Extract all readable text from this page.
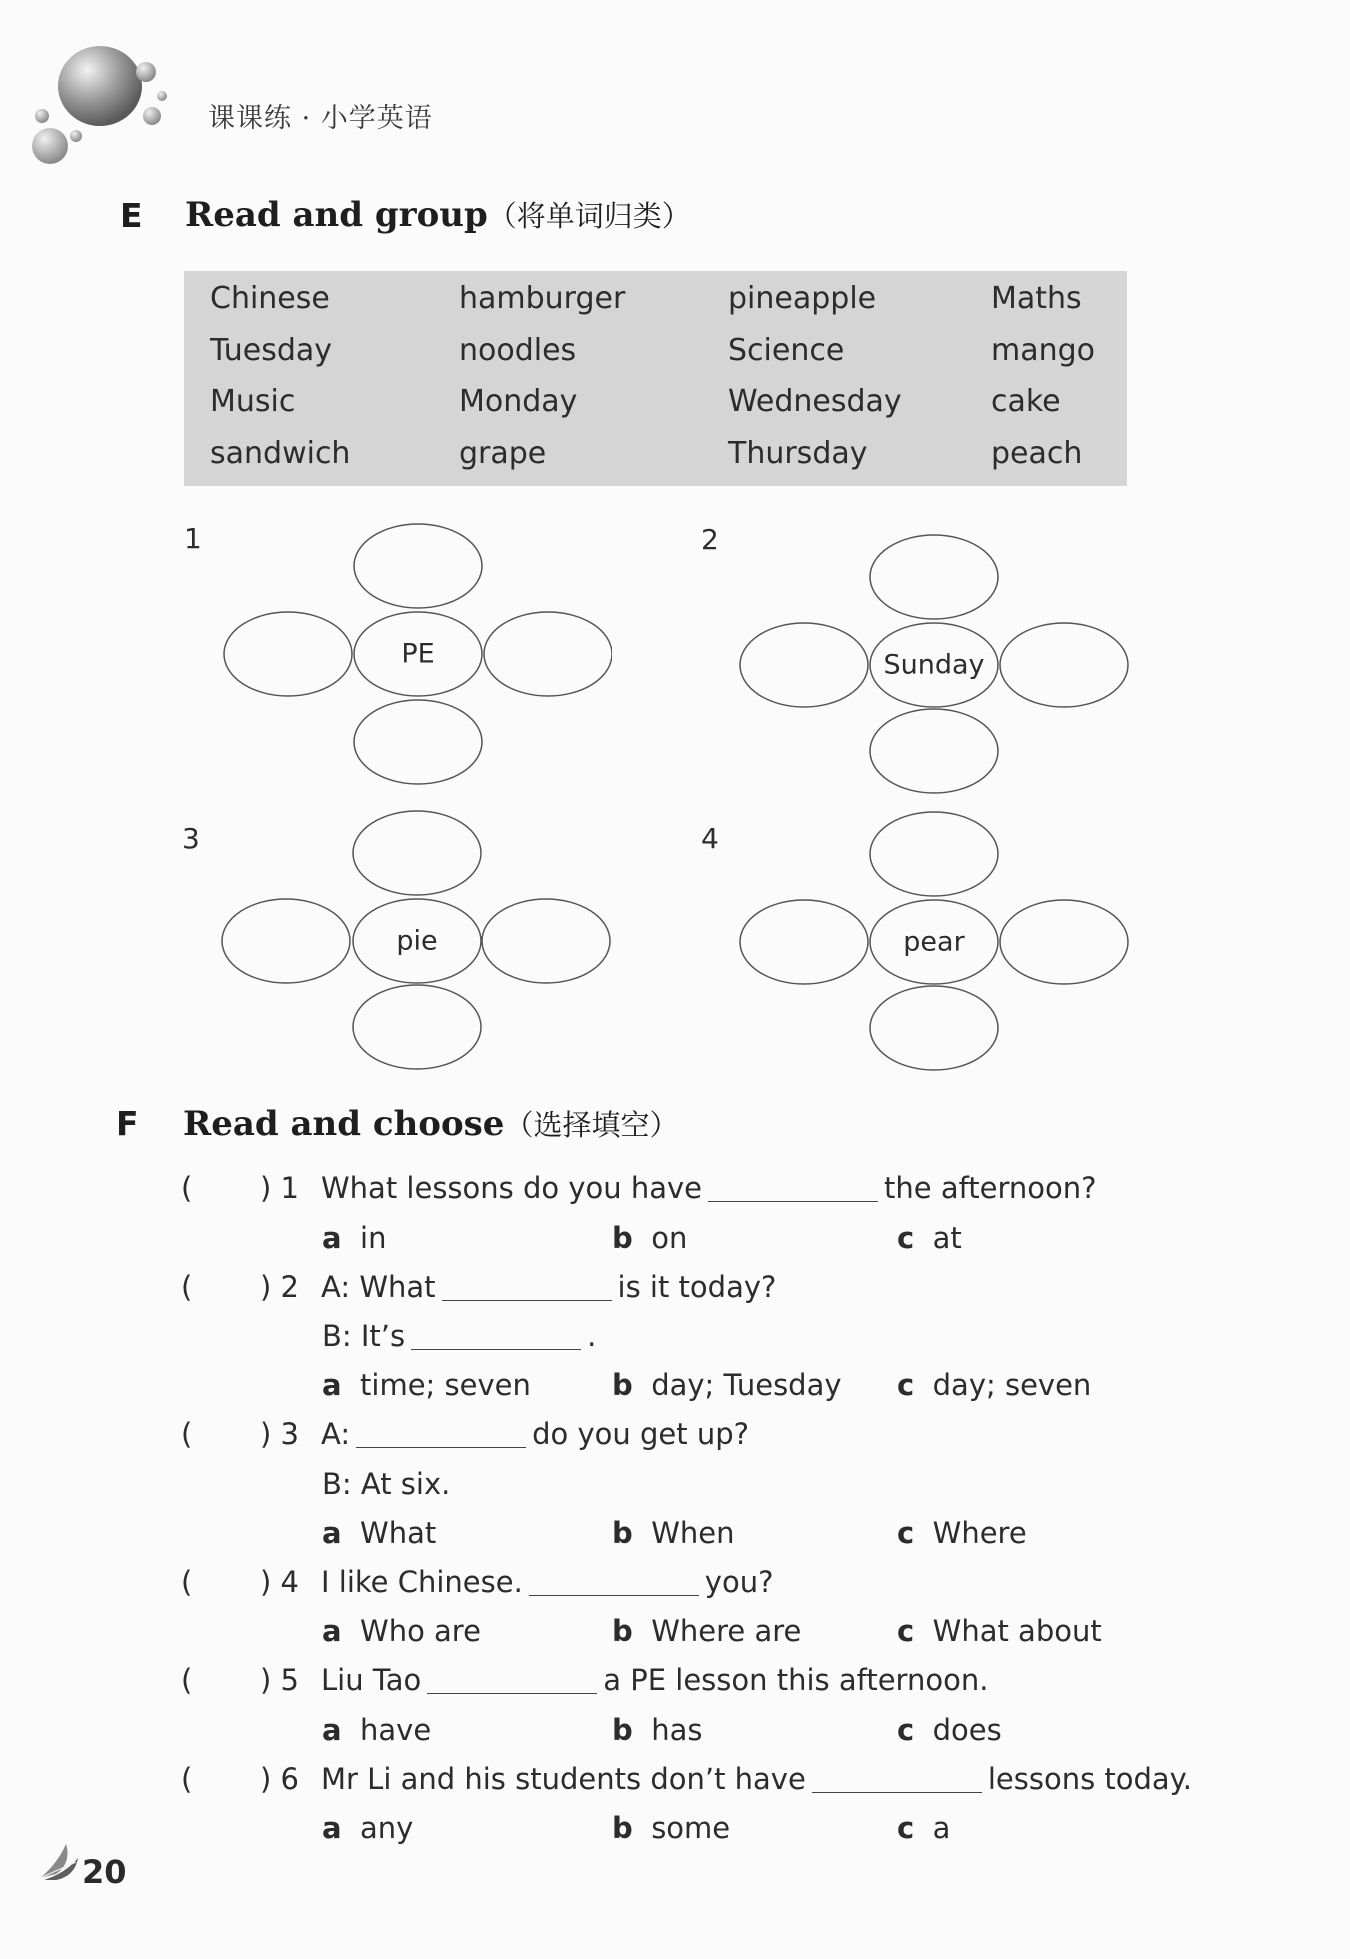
课课练 · 小学英语
E Read and group（将单词归类）
Chinese	hamburger	pineapple	Maths
Tuesday	noodles	Science	mango
Music	Monday	Wednesday	cake
sandwich	grape	Thursday	peach
1
PE
2
Sunday
3
pie
4
pear
F Read and choose（选择填空）
( ) 1 What lessons do you have	the afternoon?
a in	b on	c at
( ) 2 A: What	is it today?
B: It’s	.
a time; seven	b day; Tuesday c day; seven
( ) 3 A:	do you get up?
B: At six.
a What	b When	c Where
( ) 4 I like Chinese.	you?
a Who are	b Where are	c What about
( ) 5 Liu Tao	a PE lesson this afternoon.
a have	b has	c does
( ) 6 Mr Li and his students don’t have	lessons today.
a any	b some	c a
20
